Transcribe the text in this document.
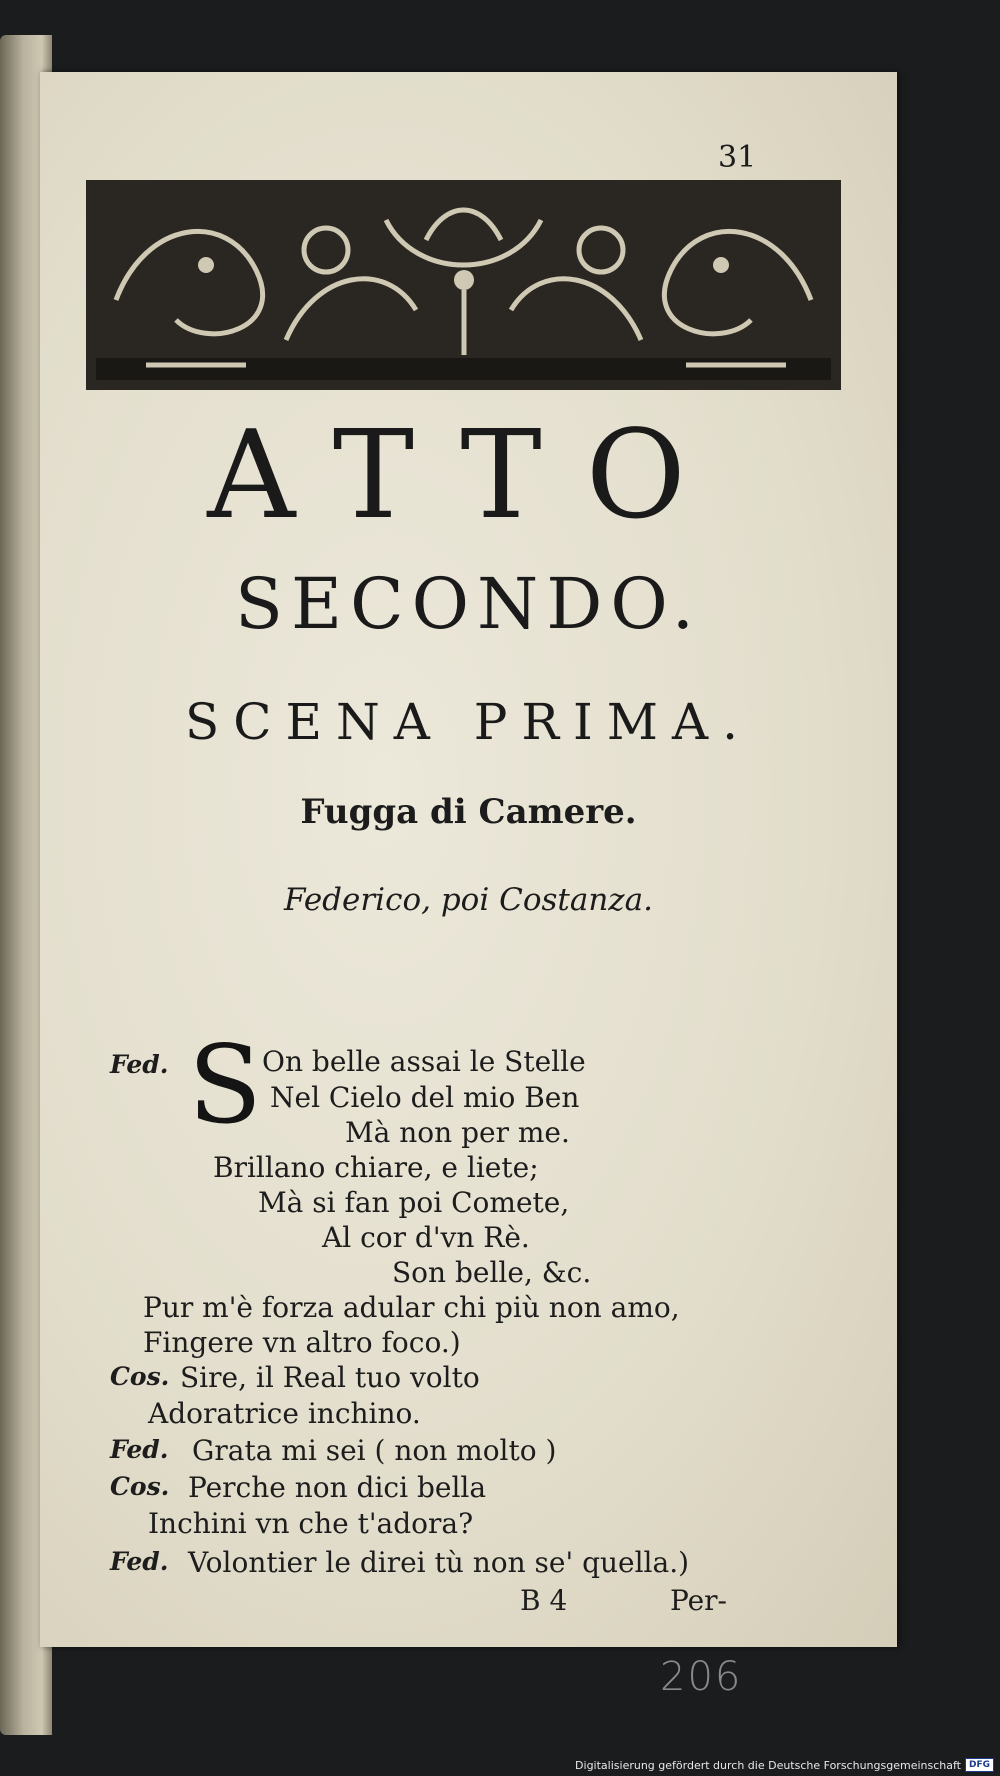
31
ATTO
SECONDO.
SCENA PRIMA.
Fugga di Camere.
Federico, poi Costanza.
S
Fed.
Cos.
Fed.
Cos.
Fed.
On belle assai le Stelle
Nel Cielo del mio Ben
Mà non per me.
Brillano chiare, e liete;
Mà si fan poi Comete,
Al cor d'vn Rè.
Son belle, &c.
Pur m'è forza adular chi più non amo,
Fingere vn altro foco.)
Sire, il Real tuo volto
Adoratrice inchino.
Grata mi sei ( non molto )
Perche non dici bella
Inchini vn che t'adora?
Volontier le direi tù non se' quella.)
B 4	Per-
206
Digitalisierung gefördert durch die Deutsche Forschungsgemeinschaft DFG
